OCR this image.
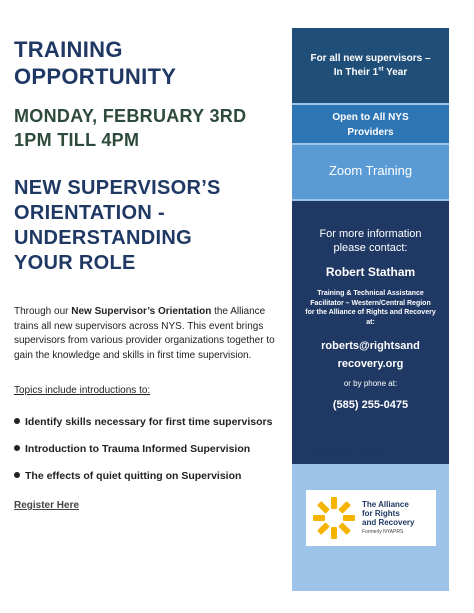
TRAINING
OPPORTUNITY
MONDAY, FEBRUARY 3RD
1PM TILL 4PM
NEW SUPERVISOR’S
ORIENTATION -
UNDERSTANDING
YOUR ROLE
Through our New Supervisor’s Orientation the Alliance trains all new supervisors across NYS. This event brings supervisors from various provider organizations together to gain the knowledge and skills in first time supervision.
Topics include introductions to:
Identify skills necessary for first time supervisors
Introduction to Trauma Informed Supervision
The effects of quiet quitting on Supervision
Register Here
For all new supervisors –
In Their 1st Year
Open to All NYS
Providers
Zoom Training
For more information
please contact:
Robert Statham
Training & Technical Assistance
Facilitator – Western/Central Region
for the Alliance of Rights and Recovery
at:
roberts@rightsand
recovery.org
or by phone at:
(585) 255-0475
Register Here
The Alliance
for Rights
and Recovery
Formerly NYAPRS
